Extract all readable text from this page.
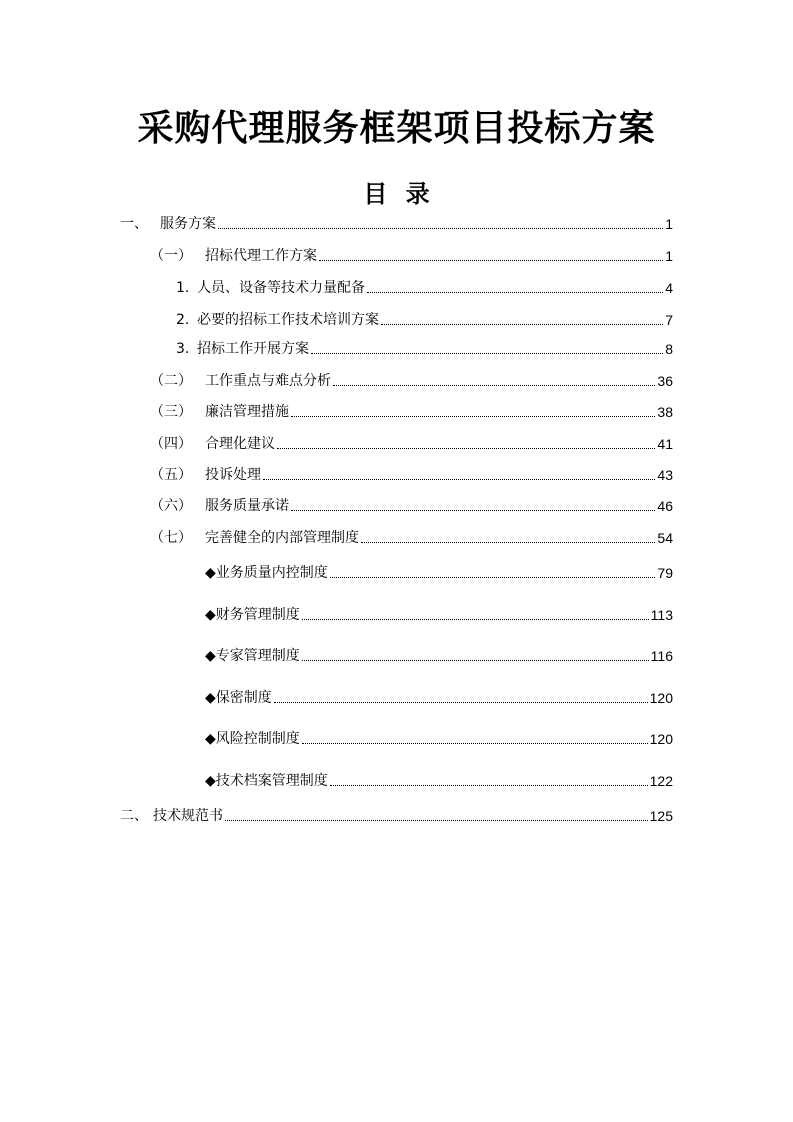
采购代理服务框架项目投标方案
目 录
一、 服务方案	1
（一） 招标代理工作方案	1
1. 人员、设备等技术力量配备	4
2. 必要的招标工作技术培训方案	7
3. 招标工作开展方案	8
（二） 工作重点与难点分析	36
（三） 廉洁管理措施	38
（四） 合理化建议	41
（五） 投诉处理	43
（六） 服务质量承诺	46
（七） 完善健全的内部管理制度	54
◆ 业务质量内控制度	79
◆ 财务管理制度	113
◆ 专家管理制度	116
◆ 保密制度	120
◆ 风险控制制度	120
◆ 技术档案管理制度	122
二、 技术规范书	125
